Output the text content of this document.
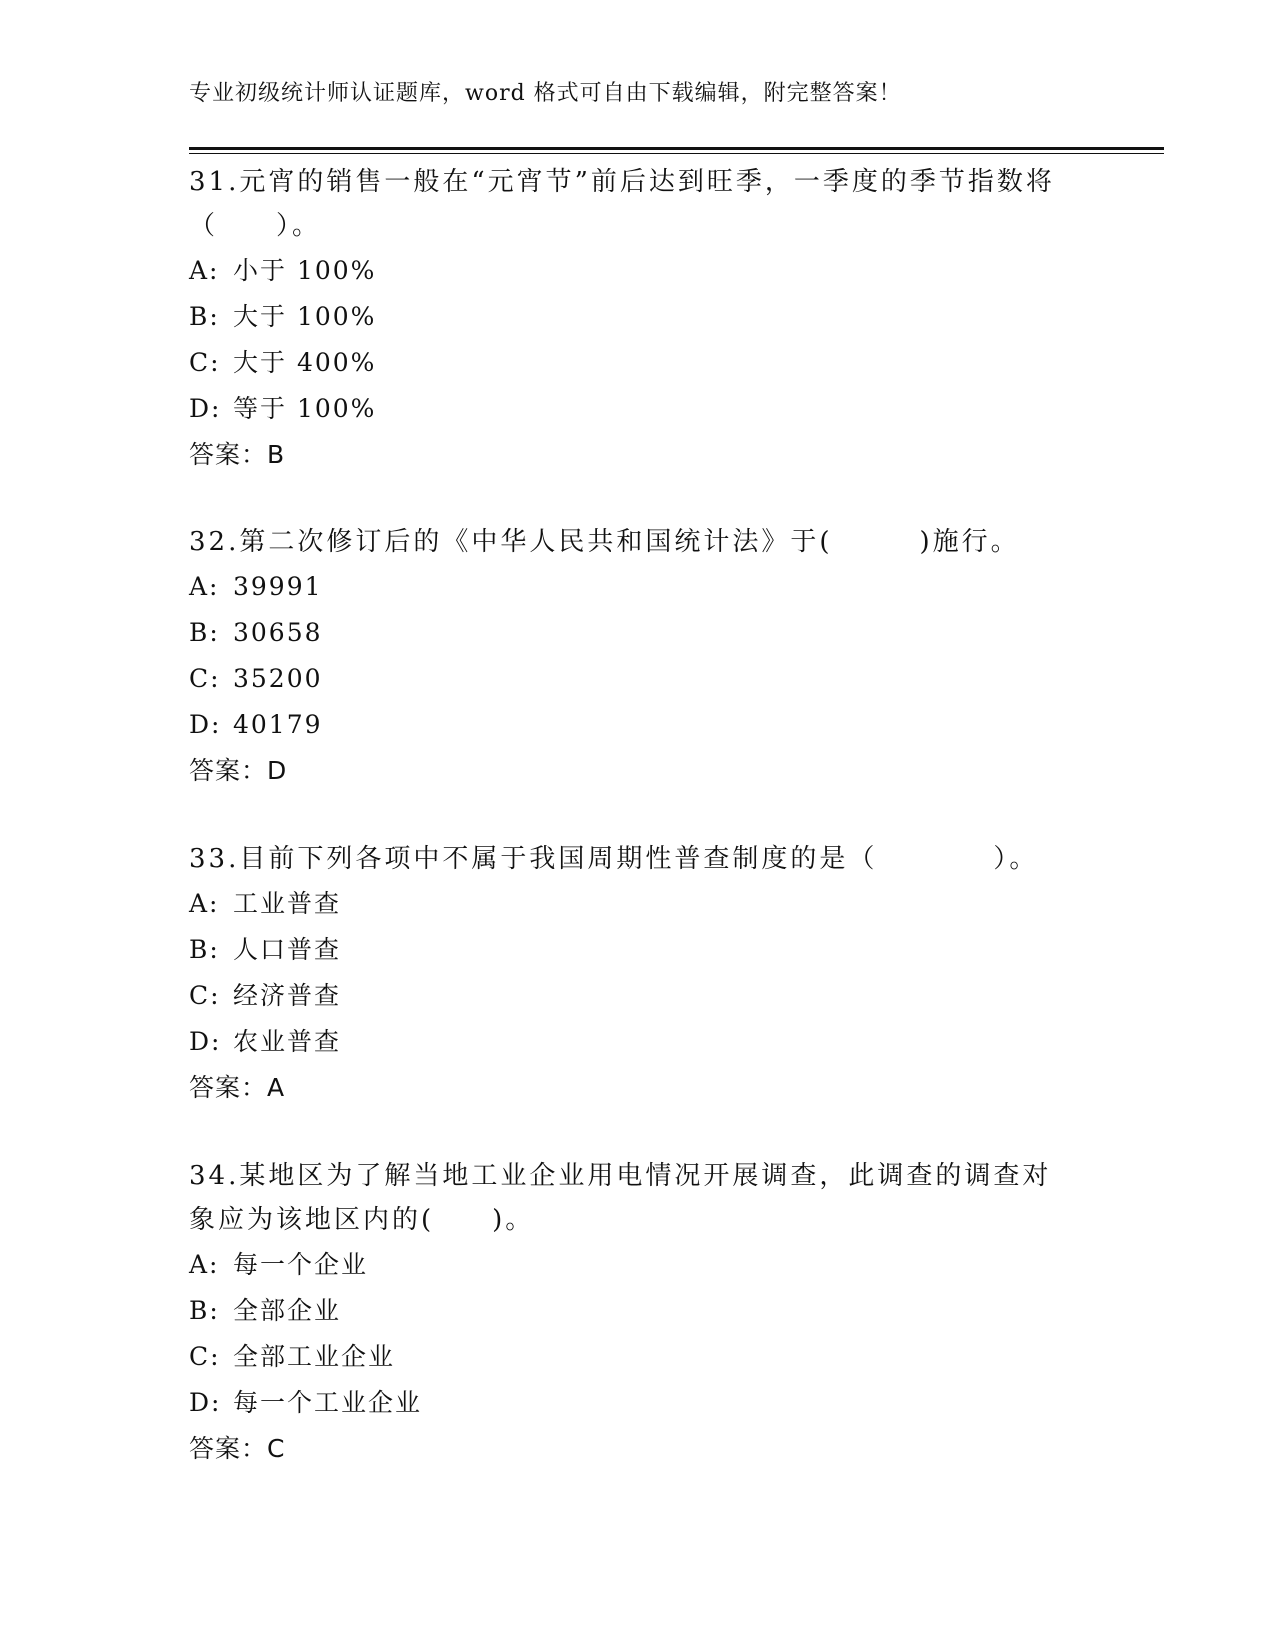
专业初级统计师认证题库，word 格式可自由下载编辑，附完整答案！

31.元宵的销售一般在“元宵节”前后达到旺季，一季度的季节指数将（　　）。

A: 小于 100%

B: 大于 100%

C: 大于 400%

D: 等于 100%

答案：B

32.第二次修订后的《中华人民共和国统计法》于(　　　)施行。

A: 39991

B: 30658

C: 35200

D: 40179

答案：D

33.目前下列各项中不属于我国周期性普查制度的是（　　　　）。

A: 工业普查

B: 人口普查

C: 经济普查

D: 农业普查

答案：A

34.某地区为了解当地工业企业用电情况开展调查，此调查的调查对象应为该地区内的(　　)。

A: 每一个企业

B: 全部企业

C: 全部工业企业

D: 每一个工业企业

答案：C
